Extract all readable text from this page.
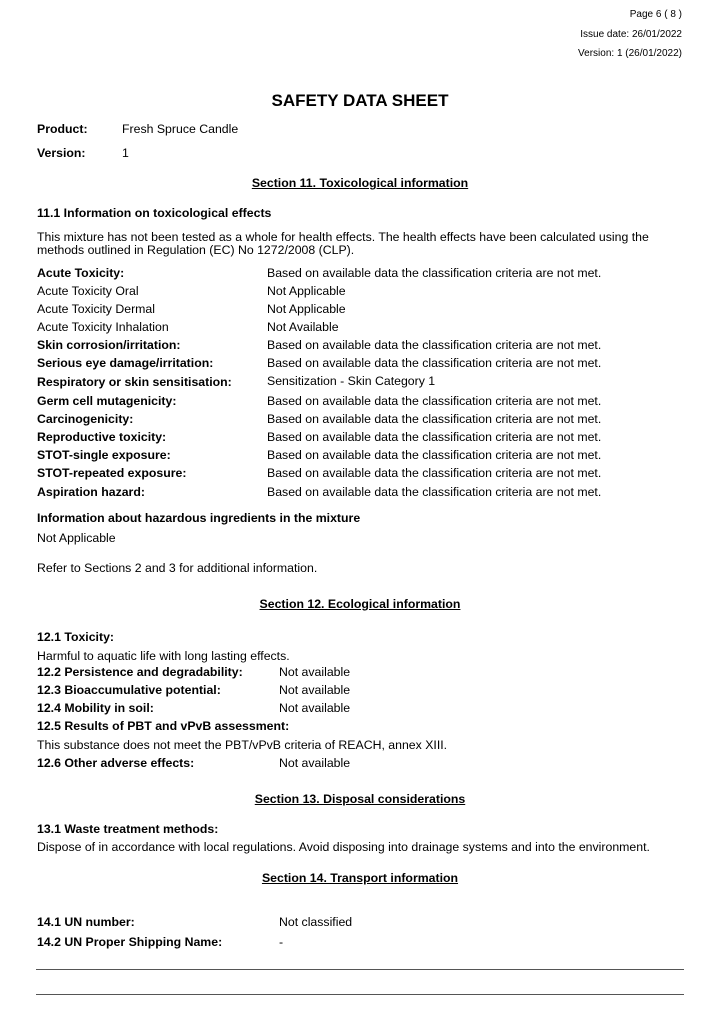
Page 6 ( 8 )
Issue date: 26/01/2022
Version: 1 (26/01/2022)
SAFETY DATA SHEET
Product:	Fresh Spruce Candle
Version:	1
Section 11. Toxicological information
11.1 Information on toxicological effects
This mixture has not been tested as a whole for health effects. The health effects have been calculated using the methods outlined in Regulation (EC) No 1272/2008 (CLP).
Acute Toxicity:	Based on available data the classification criteria are not met.
Acute Toxicity Oral	Not Applicable
Acute Toxicity Dermal	Not Applicable
Acute Toxicity Inhalation	Not Available
Skin corrosion/irritation:	Based on available data the classification criteria are not met.
Serious eye damage/irritation:	Based on available data the classification criteria are not met.
Respiratory or skin sensitisation:	Sensitization - Skin Category 1
Germ cell mutagenicity:	Based on available data the classification criteria are not met.
Carcinogenicity:	Based on available data the classification criteria are not met.
Reproductive toxicity:	Based on available data the classification criteria are not met.
STOT-single exposure:	Based on available data the classification criteria are not met.
STOT-repeated exposure:	Based on available data the classification criteria are not met.
Aspiration hazard:	Based on available data the classification criteria are not met.
Information about hazardous ingredients in the mixture
Not Applicable
Refer to Sections 2 and 3 for additional information.
Section 12. Ecological information
12.1 Toxicity:
Harmful to aquatic life with long lasting effects.
12.2 Persistence and degradability:	Not available
12.3 Bioaccumulative potential:	Not available
12.4 Mobility in soil:	Not available
12.5 Results of PBT and vPvB assessment:
This substance does not meet the PBT/vPvB criteria of REACH, annex XIII.
12.6 Other adverse effects:	Not available
Section 13. Disposal considerations
13.1 Waste treatment methods:
Dispose of in accordance with local regulations. Avoid disposing into drainage systems and into the environment.
Section 14. Transport information
14.1 UN number:	Not classified
14.2 UN Proper Shipping Name:	-
